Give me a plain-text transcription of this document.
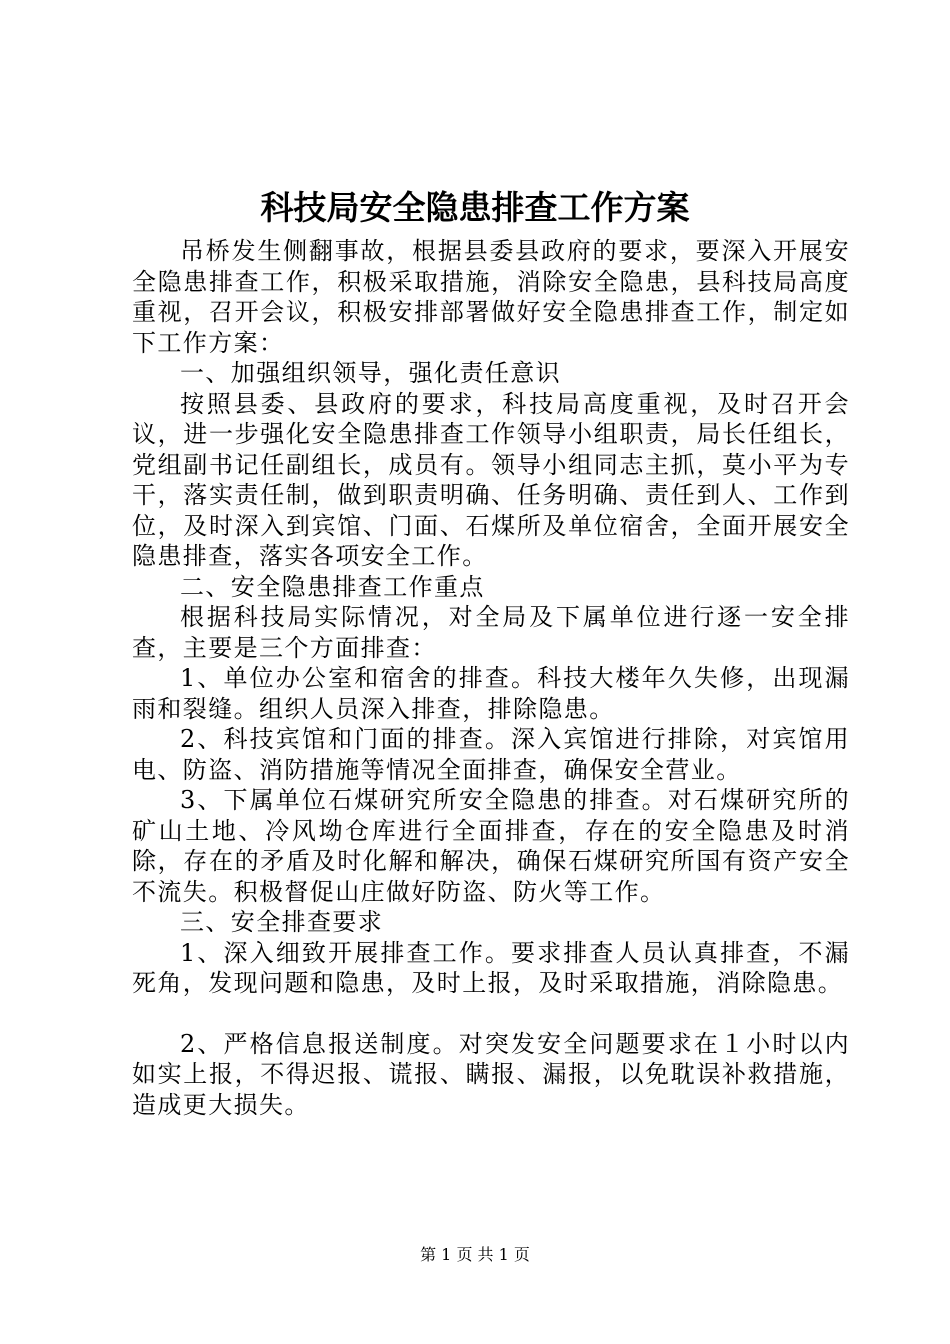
科技局安全隐患排查工作方案

吊桥发生侧翻事故，根据县委县政府的要求，要深入开展安全隐患排查工作，积极采取措施，消除安全隐患，县科技局高度重视，召开会议，积极安排部署做好安全隐患排查工作，制定如下工作方案：

一、加强组织领导，强化责任意识

按照县委、县政府的要求，科技局高度重视，及时召开会议，进一步强化安全隐患排查工作领导小组职责，局长任组长，党组副书记任副组长，成员有。领导小组同志主抓，莫小平为专干，落实责任制，做到职责明确、任务明确、责任到人、工作到位，及时深入到宾馆、门面、石煤所及单位宿舍，全面开展安全隐患排查，落实各项安全工作。

二、安全隐患排查工作重点

根据科技局实际情况，对全局及下属单位进行逐一安全排查，主要是三个方面排查：

1、单位办公室和宿舍的排查。科技大楼年久失修，出现漏雨和裂缝。组织人员深入排查，排除隐患。

2、科技宾馆和门面的排查。深入宾馆进行排除，对宾馆用电、防盗、消防措施等情况全面排查，确保安全营业。

3、下属单位石煤研究所安全隐患的排查。对石煤研究所的矿山土地、冷风坳仓库进行全面排查，存在的安全隐患及时消除，存在的矛盾及时化解和解决，确保石煤研究所国有资产安全不流失。积极督促山庄做好防盗、防火等工作。

三、安全排查要求

1、深入细致开展排查工作。要求排查人员认真排查，不漏死角，发现问题和隐患，及时上报，及时采取措施，消除隐患。

2、严格信息报送制度。对突发安全问题要求在１小时以内如实上报，不得迟报、谎报、瞒报、漏报，以免耽误补救措施，造成更大损失。

第 1 页 共 1 页
